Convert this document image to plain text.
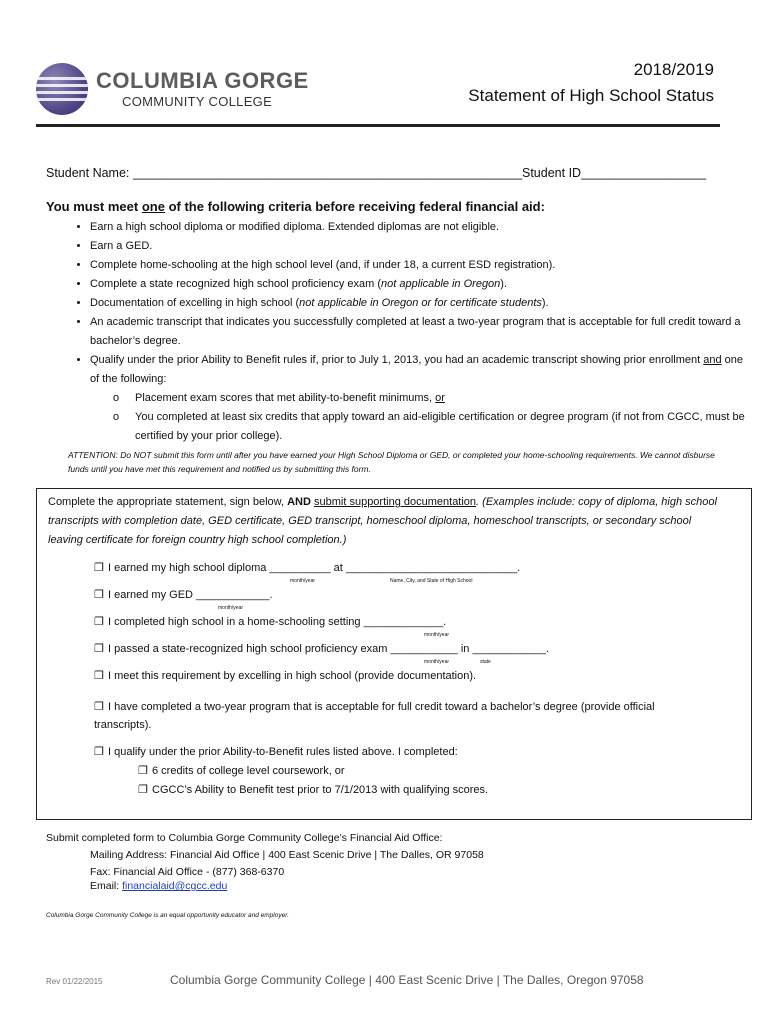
COLUMBIA GORGE
COMMUNITY COLLEGE
2018/2019
Statement of High School Status
Student Name: ________________________________________________________ Student ID__________________
You must meet one of the following criteria before receiving federal financial aid:
• Earn a high school diploma or modified diploma. Extended diplomas are not eligible.
• Earn a GED.
• Complete home-schooling at the high school level (and, if under 18, a current ESD registration).
• Complete a state recognized high school proficiency exam (not applicable in Oregon).
• Documentation of excelling in high school (not applicable in Oregon or for certificate students).
• An academic transcript that indicates you successfully completed at least a two-year program that is acceptable for full credit toward a bachelor’s degree.
• Qualify under the prior Ability to Benefit rules if, prior to July 1, 2013, you had an academic transcript showing prior enrollment and one of the following:
o Placement exam scores that met ability-to-benefit minimums, or
o You completed at least six credits that apply toward an aid-eligible certification or degree program (if not from CGCC, must be certified by your prior college).
ATTENTION: Do NOT submit this form until after you have earned your High School Diploma or GED, or completed your home-schooling requirements. We cannot disburse funds until you have met this requirement and notified us by submitting this form.
Complete the appropriate statement, sign below, AND submit supporting documentation. (Examples include: copy of diploma, high school transcripts with completion date, GED certificate, GED transcript, homeschool diploma, homeschool transcripts, or secondary school leaving certificate for foreign country high school completion.)
❐ I earned my high school diploma __________ at ____________________________.
month/year	Name, City, and State of High School
❐ I earned my GED ____________.
month/year
❐ I completed high school in a home-schooling setting _____________.
month/year
❐ I passed a state-recognized high school proficiency exam ___________ in ____________.
month/year	state
❐ I meet this requirement by excelling in high school (provide documentation).
❐ I have completed a two-year program that is acceptable for full credit toward a bachelor’s degree (provide official transcripts).
❐ I qualify under the prior Ability-to-Benefit rules listed above. I completed:
❐ 6 credits of college level coursework, or
❐ CGCC’s Ability to Benefit test prior to 7/1/2013 with qualifying scores.
Submit completed form to Columbia Gorge Community College’s Financial Aid Office:
Mailing Address: Financial Aid Office | 400 East Scenic Drive | The Dalles, OR 97058
Fax: Financial Aid Office - (877) 368-6370
Email: financialaid@cgcc.edu
Columbia Gorge Community College is an equal opportunity educator and employer.
Rev 01/22/2015	Columbia Gorge Community College | 400 East Scenic Drive | The Dalles, Oregon 97058
